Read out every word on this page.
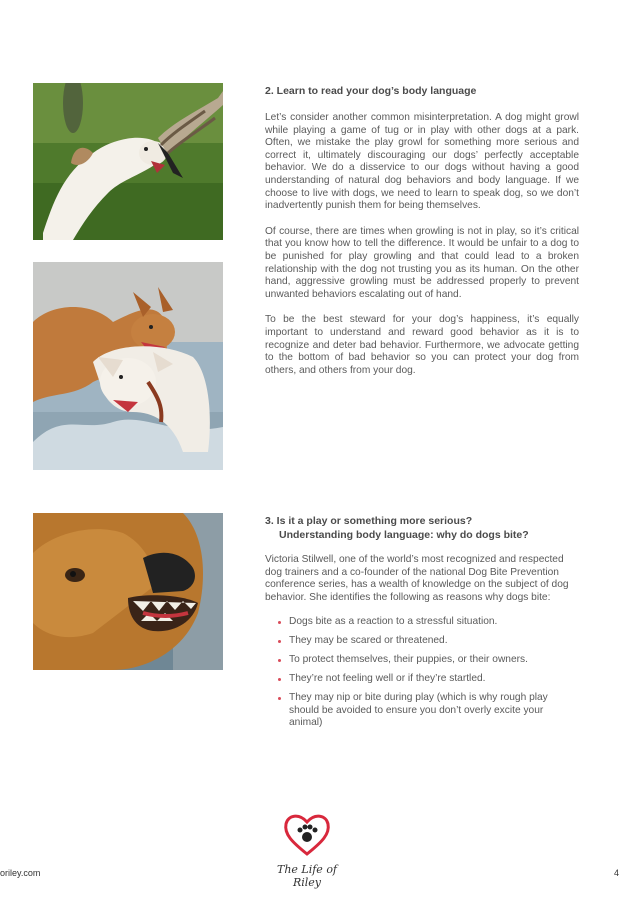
2. Learn to read your dog’s body language

Let’s consider another common misinterpretation. A dog might growl while playing a game of tug or in play with other dogs at a park. Often, we mistake the play growl for something more serious and correct it, ultimately discouraging our dogs’ perfectly acceptable behavior. We do a disservice to our dogs without having a good understanding of natural dog behaviors and body language. If we choose to live with dogs, we need to learn to speak dog, so we don’t inadvertently punish them for being themselves.

Of course, there are times when growling is not in play, so it’s critical that you know how to tell the difference. It would be unfair to a dog to be punished for play growling and that could lead to a broken relationship with the dog not trusting you as its human. On the other hand, aggressive growling must be addressed properly to prevent unwanted behaviors escalating out of hand.

To be the best steward for your dog’s happiness, it’s equally important to understand and reward good behavior as it is to recognize and deter bad behavior. Furthermore, we advocate getting to the bottom of bad behavior so you can protect your dog from others, and others from your dog.

3. Is it a play or something more serious?
Understanding body language: why do dogs bite?

Victoria Stilwell, one of the world’s most recognized and respected dog trainers and a co-founder of the national Dog Bite Prevention conference series, has a wealth of knowledge on the subject of dog behavior. She identifies the following as reasons why dogs bite:

Dogs bite as a reaction to a stressful situation.
They may be scared or threatened.
To protect themselves, their puppies, or their owners.
They’re not feeling well or if they’re startled.
They may nip or bite during play (which is why rough play should be avoided to ensure you don’t overly excite your animal)
oriley.com	The Life of Riley
4
